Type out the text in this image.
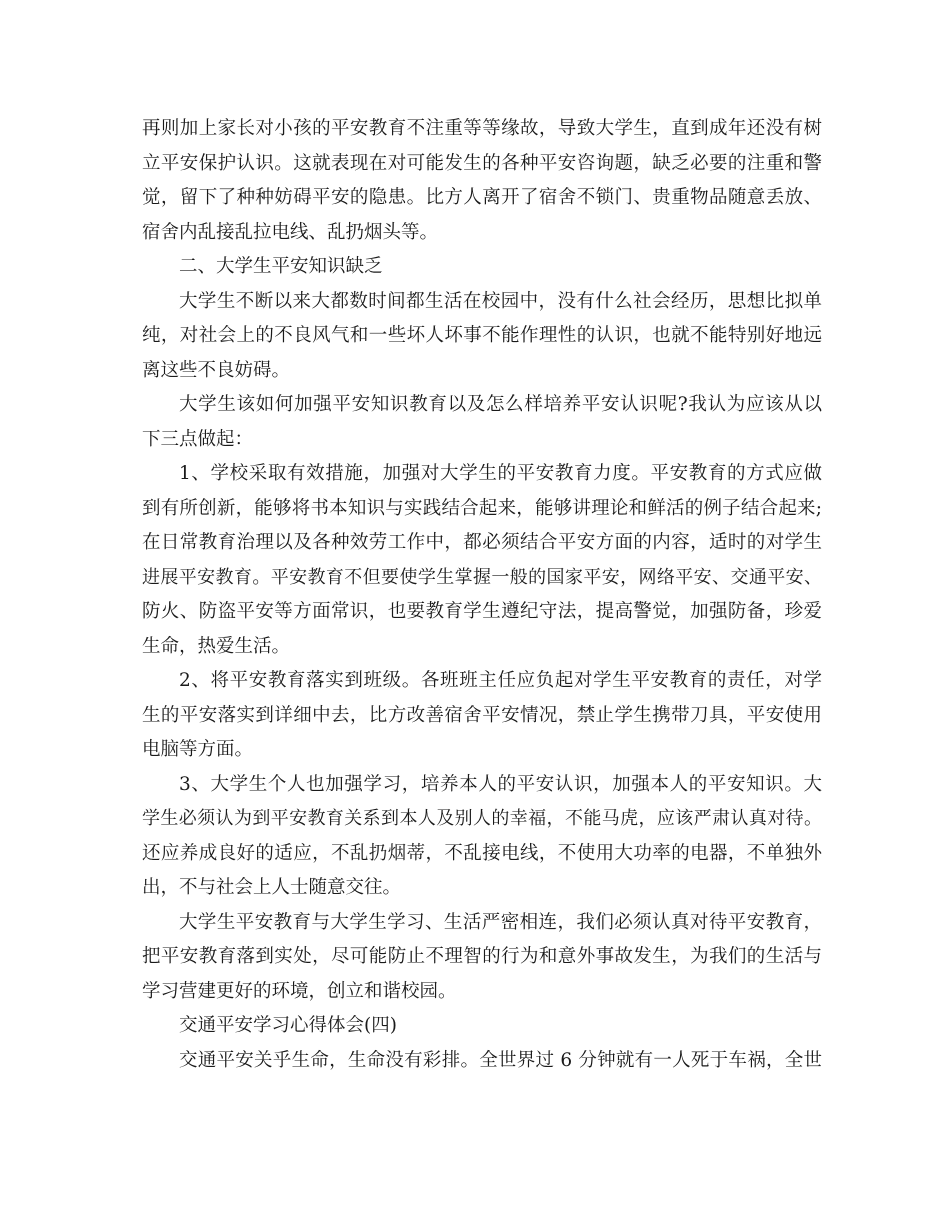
再则加上家长对小孩的平安教育不注重等等缘故，导致大学生，直到成年还没有树
立平安保护认识。这就表现在对可能发生的各种平安咨询题，缺乏必要的注重和警
觉，留下了种种妨碍平安的隐患。比方人离开了宿舍不锁门、贵重物品随意丢放、
宿舍内乱接乱拉电线、乱扔烟头等。
二、大学生平安知识缺乏
大学生不断以来大都数时间都生活在校园中，没有什么社会经历，思想比拟单
纯，对社会上的不良风气和一些坏人坏事不能作理性的认识，也就不能特别好地远
离这些不良妨碍。
大学生该如何加强平安知识教育以及怎么样培养平安认识呢?我认为应该从以
下三点做起：
1、学校采取有效措施，加强对大学生的平安教育力度。平安教育的方式应做
到有所创新，能够将书本知识与实践结合起来，能够讲理论和鲜活的例子结合起来;
在日常教育治理以及各种效劳工作中，都必须结合平安方面的内容，适时的对学生
进展平安教育。平安教育不但要使学生掌握一般的国家平安，网络平安、交通平安、
防火、防盗平安等方面常识，也要教育学生遵纪守法，提高警觉，加强防备，珍爱
生命，热爱生活。
2、将平安教育落实到班级。各班班主任应负起对学生平安教育的责任，对学
生的平安落实到详细中去，比方改善宿舍平安情况，禁止学生携带刀具，平安使用
电脑等方面。
3、大学生个人也加强学习，培养本人的平安认识，加强本人的平安知识。大
学生必须认为到平安教育关系到本人及别人的幸福，不能马虎，应该严肃认真对待。
还应养成良好的适应，不乱扔烟蒂，不乱接电线，不使用大功率的电器，不单独外
出，不与社会上人士随意交往。
大学生平安教育与大学生学习、生活严密相连，我们必须认真对待平安教育，
把平安教育落到实处，尽可能防止不理智的行为和意外事故发生，为我们的生活与
学习营建更好的环境，创立和谐校园。
交通平安学习心得体会(四)
交通平安关乎生命，生命没有彩排。全世界过 6 分钟就有一人死于车祸，全世
